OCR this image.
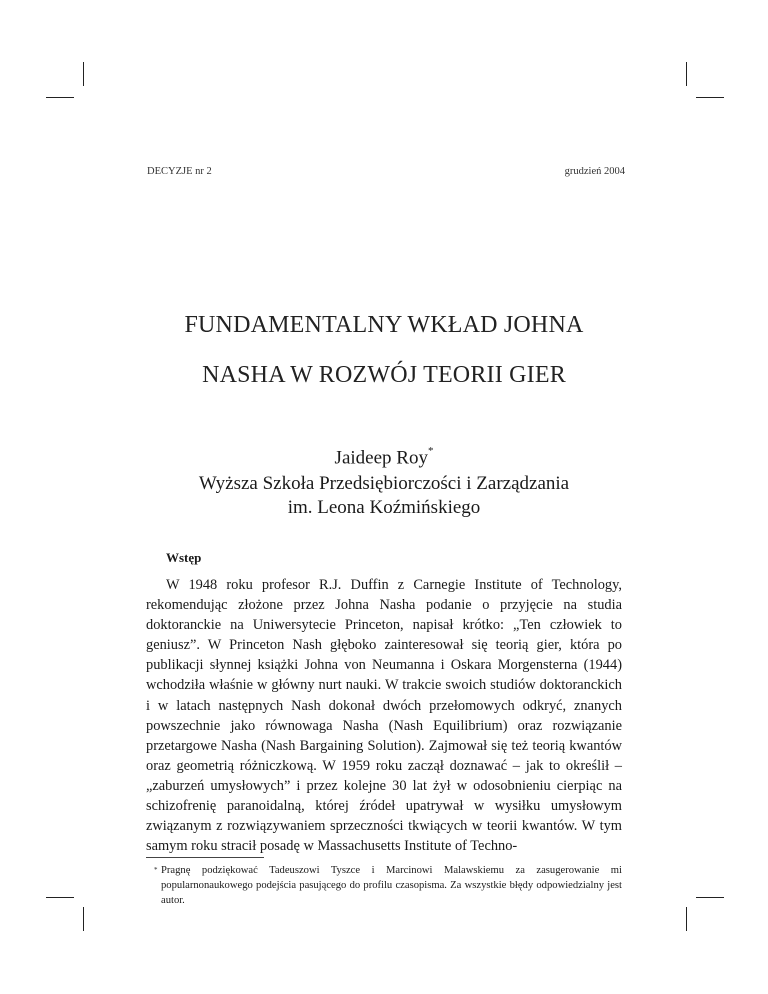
DECYZJE nr 2	grudzień 2004
FUNDAMENTALNY WKŁAD JOHNA
NASHA W ROZWÓJ TEORII GIER
Jaideep Roy*
Wyższa Szkoła Przedsiębiorczości i Zarządzania
im. Leona Koźmińskiego
Wstęp

W 1948 roku profesor R.J. Duffin z Carnegie Institute of Technology, rekomendując złożone przez Johna Nasha podanie o przyjęcie na studia doktoranckie na Uniwersytecie Princeton, napisał krótko: „Ten człowiek to geniusz”. W Princeton Nash głęboko zainteresował się teorią gier, która po publikacji słynnej książki Johna von Neumanna i Oskara Morgensterna (1944) wchodziła właśnie w główny nurt nauki. W trakcie swoich studiów doktoranckich i w latach następnych Nash dokonał dwóch przełomowych odkryć, znanych powszechnie jako równowaga Nasha (Nash Equilibrium) oraz rozwiązanie przetargowe Nasha (Nash Bargaining Solution). Zajmował się też teorią kwantów oraz geometrią różniczkową. W 1959 roku zaczął doznawać – jak to określił – „zaburzeń umysłowych” i przez kolejne 30 lat żył w odosobnieniu cierpiąc na schizofrenię paranoidalną, której źródeł upatrywał w wysiłku umysłowym związanym z rozwiązywaniem sprzeczności tkwiących w teorii kwantów. W tym samym roku stracił posadę w Massachusetts Institute of Techno-

* Pragnę podziękować Tadeuszowi Tyszce i Marcinowi Malawskiemu za zasugerowanie mi popularnonaukowego podejścia pasującego do profilu czasopisma. Za wszystkie błędy odpowiedzialny jest autor.
